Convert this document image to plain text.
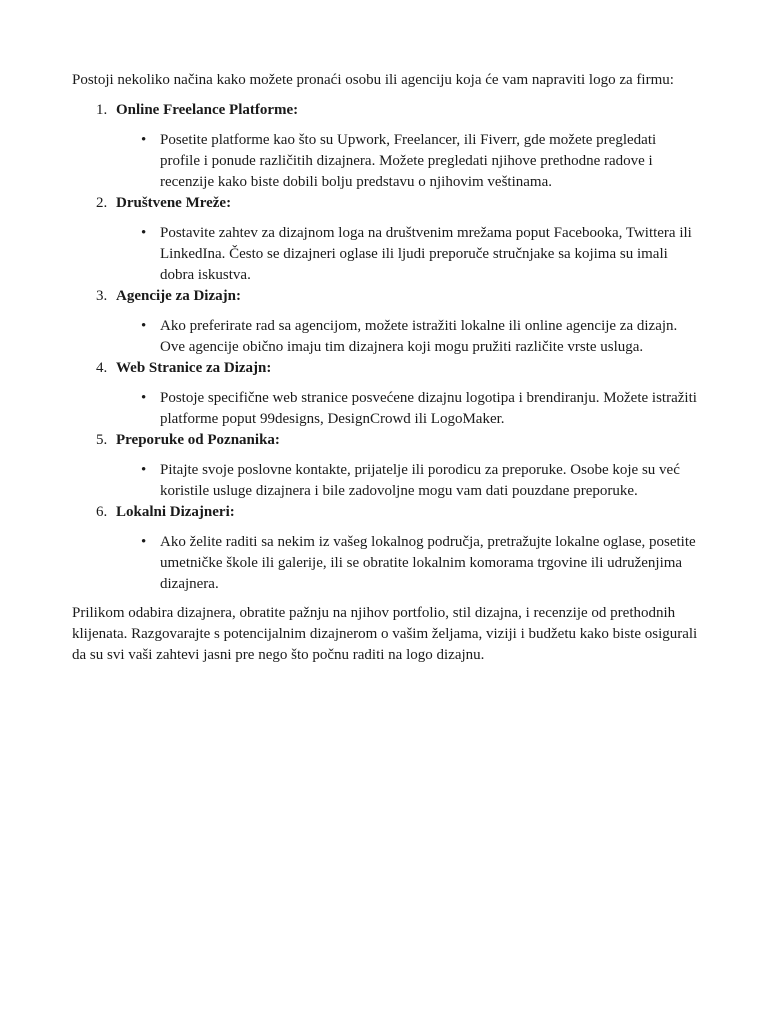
Postoji nekoliko načina kako možete pronaći osobu ili agenciju koja će vam napraviti logo za firmu:

1. Online Freelance Platforme:
• Posetite platforme kao što su Upwork, Freelancer, ili Fiverr, gde možete pregledati profile i ponude različitih dizajnera. Možete pregledati njihove prethodne radove i recenzije kako biste dobili bolju predstavu o njihovim veštinama.
2. Društvene Mreže:
• Postavite zahtev za dizajnom loga na društvenim mrežama poput Facebooka, Twittera ili LinkedIna. Često se dizajneri oglase ili ljudi preporuče stručnjake sa kojima su imali dobra iskustva.
3. Agencije za Dizajn:
• Ako preferirate rad sa agencijom, možete istražiti lokalne ili online agencije za dizajn. Ove agencije obično imaju tim dizajnera koji mogu pružiti različite vrste usluga.
4. Web Stranice za Dizajn:
• Postoje specifične web stranice posvećene dizajnu logotipa i brendiranju. Možete istražiti platforme poput 99designs, DesignCrowd ili LogoMaker.
5. Preporuke od Poznanika:
• Pitajte svoje poslovne kontakte, prijatelje ili porodicu za preporuke. Osobe koje su već koristile usluge dizajnera i bile zadovoljne mogu vam dati pouzdane preporuke.
6. Lokalni Dizajneri:
• Ako želite raditi sa nekim iz vašeg lokalnog područja, pretražujte lokalne oglase, posetite umetničke škole ili galerije, ili se obratite lokalnim komorama trgovine ili udruženjima dizajnera.

Prilikom odabira dizajnera, obratite pažnju na njihov portfolio, stil dizajna, i recenzije od prethodnih klijenata. Razgovarajte s potencijalnim dizajnerom o vašim željama, viziji i budžetu kako biste osigurali da su svi vaši zahtevi jasni pre nego što počnu raditi na logo dizajnu.
